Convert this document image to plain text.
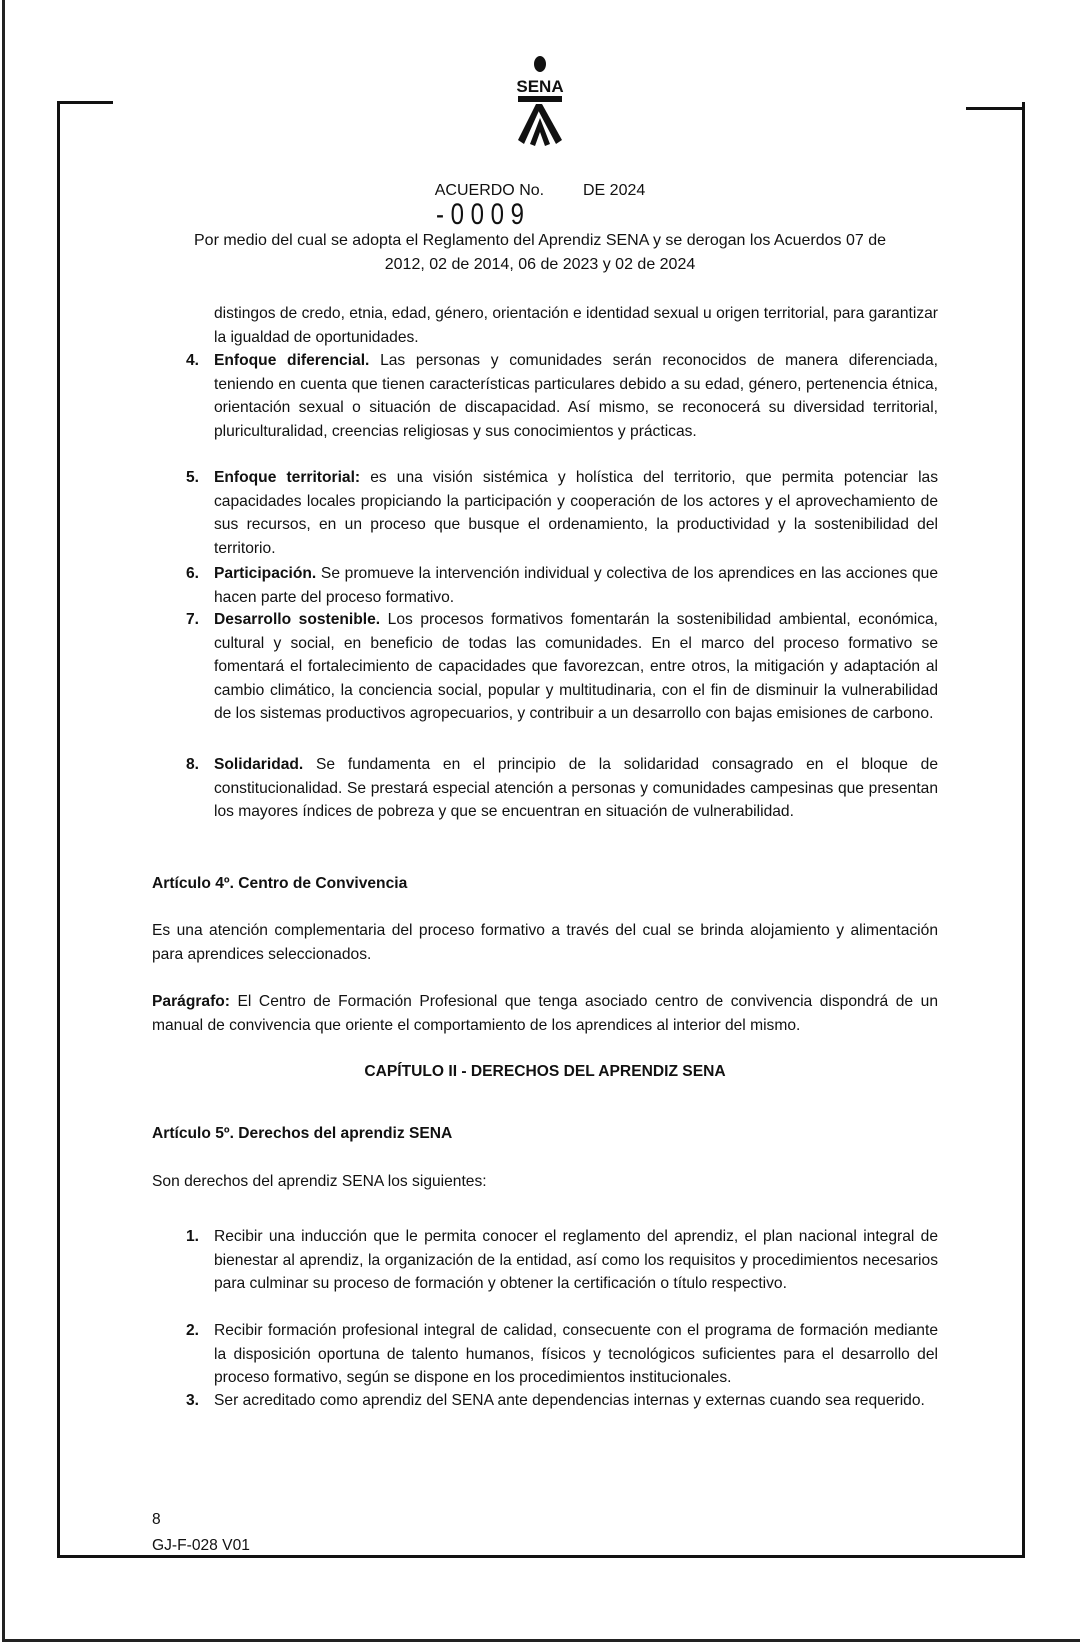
SENA
ACUERDO No. DE 2024
- 0 0 0 9
Por medio del cual se adopta el Reglamento del Aprendiz SENA y se derogan los Acuerdos 07 de
2012, 02 de 2014, 06 de 2023 y 02 de 2024
distingos de credo, etnia, edad, género, orientación e identidad sexual u origen territorial, para garantizar la igualdad de oportunidades.
4. Enfoque diferencial. Las personas y comunidades serán reconocidos de manera diferenciada, teniendo en cuenta que tienen características particulares debido a su edad, género, pertenencia étnica, orientación sexual o situación de discapacidad. Así mismo, se reconocerá su diversidad territorial, pluriculturalidad, creencias religiosas y sus conocimientos y prácticas.
5. Enfoque territorial: es una visión sistémica y holística del territorio, que permita potenciar las capacidades locales propiciando la participación y cooperación de los actores y el aprovechamiento de sus recursos, en un proceso que busque el ordenamiento, la productividad y la sostenibilidad del territorio.
6. Participación. Se promueve la intervención individual y colectiva de los aprendices en las acciones que hacen parte del proceso formativo.
7. Desarrollo sostenible. Los procesos formativos fomentarán la sostenibilidad ambiental, económica, cultural y social, en beneficio de todas las comunidades. En el marco del proceso formativo se fomentará el fortalecimiento de capacidades que favorezcan, entre otros, la mitigación y adaptación al cambio climático, la conciencia social, popular y multitudinaria, con el fin de disminuir la vulnerabilidad de los sistemas productivos agropecuarios, y contribuir a un desarrollo con bajas emisiones de carbono.
8. Solidaridad. Se fundamenta en el principio de la solidaridad consagrado en el bloque de constitucionalidad. Se prestará especial atención a personas y comunidades campesinas que presentan los mayores índices de pobreza y que se encuentran en situación de vulnerabilidad.
Artículo 4º. Centro de Convivencia
Es una atención complementaria del proceso formativo a través del cual se brinda alojamiento y alimentación para aprendices seleccionados.
Parágrafo: El Centro de Formación Profesional que tenga asociado centro de convivencia dispondrá de un manual de convivencia que oriente el comportamiento de los aprendices al interior del mismo.
CAPÍTULO II - DERECHOS DEL APRENDIZ SENA
Artículo 5º. Derechos del aprendiz SENA
Son derechos del aprendiz SENA los siguientes:
1. Recibir una inducción que le permita conocer el reglamento del aprendiz, el plan nacional integral de bienestar al aprendiz, la organización de la entidad, así como los requisitos y procedimientos necesarios para culminar su proceso de formación y obtener la certificación o título respectivo.
2. Recibir formación profesional integral de calidad, consecuente con el programa de formación mediante la disposición oportuna de talento humanos, físicos y tecnológicos suficientes para el desarrollo del proceso formativo, según se dispone en los procedimientos institucionales.
3. Ser acreditado como aprendiz del SENA ante dependencias internas y externas cuando sea requerido.
8
GJ-F-028 V01
